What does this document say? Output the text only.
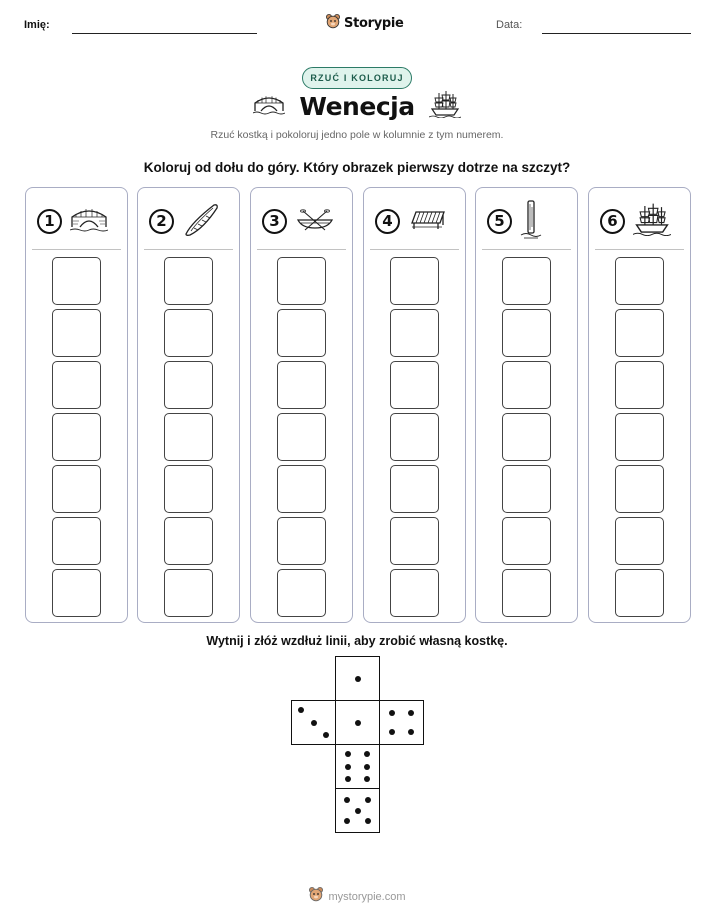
Imię:	Storypie	Data:
RZUĆ I KOLORUJ
Wenecja
Rzuć kostką i pokoloruj jedno pole w kolumnie z tym numerem.
Koloruj od dołu do góry. Który obrazek pierwszy dotrze na szczyt?
1	2	3	4	5	6
Wytnij i złóż wzdłuż linii, aby zrobić własną kostkę.
mystorypie.com
